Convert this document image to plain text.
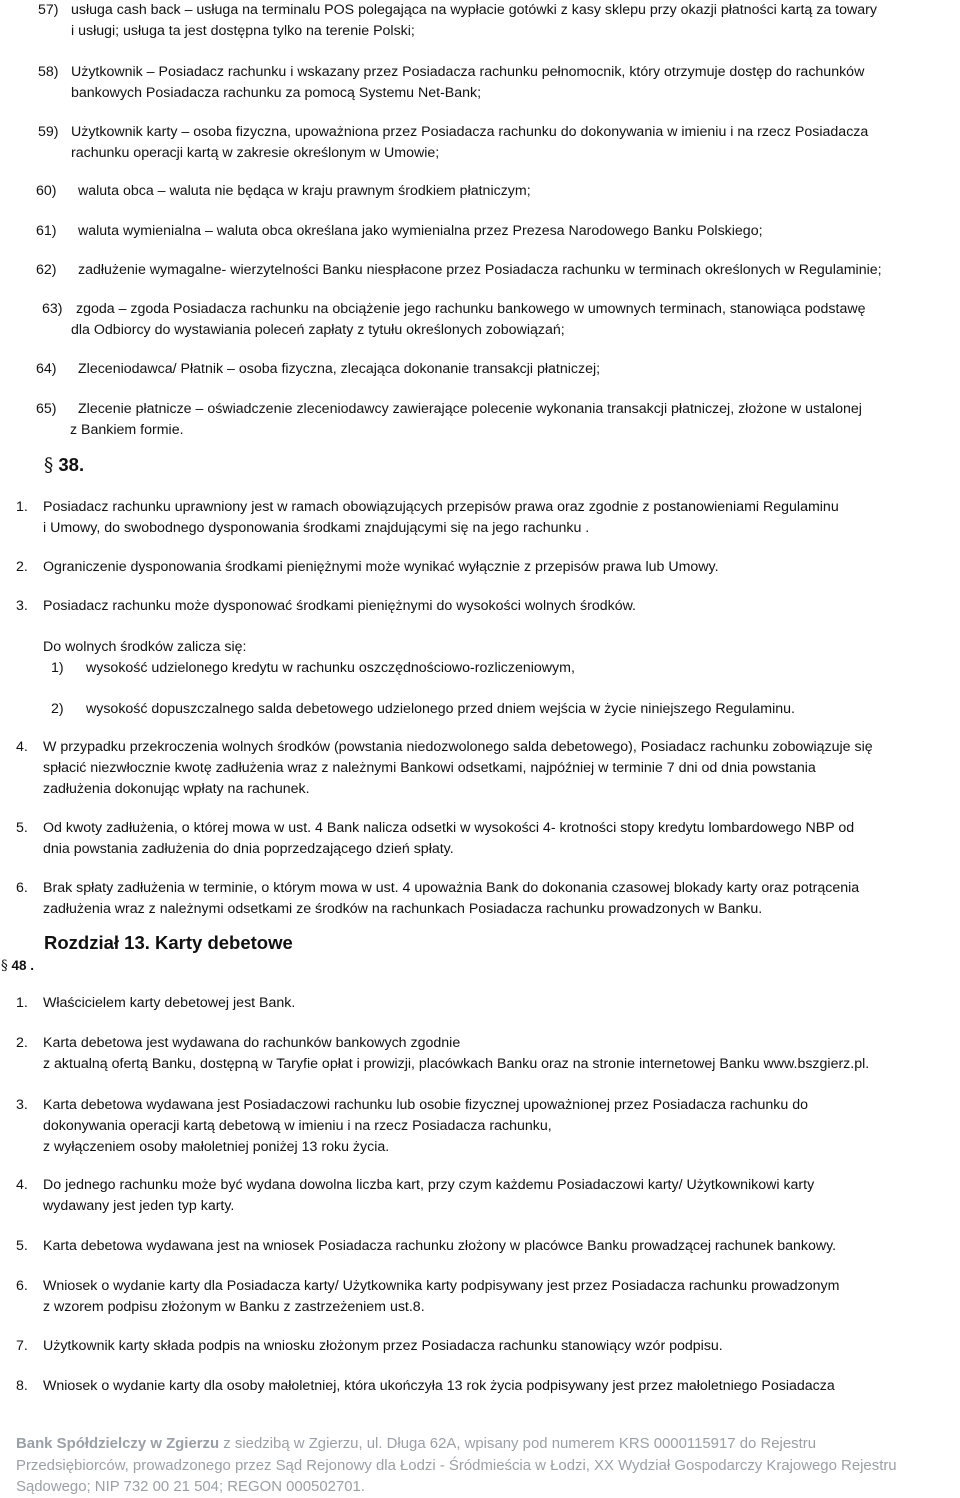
57) usługa cash back – usługa na terminalu POS polegająca na wypłacie gotówki z kasy sklepu przy okazji płatności kartą za towary
i usługi; usługa ta jest dostępna tylko na terenie Polski;
58) Użytkownik – Posiadacz rachunku i wskazany przez Posiadacza rachunku pełnomocnik, który otrzymuje dostęp do rachunków
bankowych Posiadacza rachunku za pomocą Systemu Net-Bank;
59) Użytkownik karty – osoba fizyczna, upoważniona przez Posiadacza rachunku do dokonywania w imieniu i na rzecz Posiadacza
rachunku operacji kartą w zakresie określonym w Umowie;
60) waluta obca – waluta nie będąca w kraju prawnym środkiem płatniczym;
61) waluta wymienialna – waluta obca określana jako wymienialna przez Prezesa Narodowego Banku Polskiego;
62) zadłużenie wymagalne- wierzytelności Banku niespłacone przez Posiadacza rachunku w terminach określonych w Regulaminie;
63) zgoda – zgoda Posiadacza rachunku na obciążenie jego rachunku bankowego w umownych terminach, stanowiąca podstawę
dla Odbiorcy do wystawiania poleceń zapłaty z tytułu określonych zobowiązań;
64) Zleceniodawca/ Płatnik – osoba fizyczna, zlecająca dokonanie transakcji płatniczej;
65) Zlecenie płatnicze – oświadczenie zleceniodawcy zawierające polecenie wykonania transakcji płatniczej, złożone w ustalonej
z Bankiem formie.
§ 38.
1. Posiadacz rachunku uprawniony jest w ramach obowiązujących przepisów prawa oraz zgodnie z postanowieniami Regulaminu
i Umowy, do swobodnego dysponowania środkami znajdującymi się na jego rachunku .
2. Ograniczenie dysponowania środkami pieniężnymi może wynikać wyłącznie z przepisów prawa lub Umowy.
3. Posiadacz rachunku może dysponować środkami pieniężnymi do wysokości wolnych środków.
Do wolnych środków zalicza się:
1) wysokość udzielonego kredytu w rachunku oszczędnościowo-rozliczeniowym,
2) wysokość dopuszczalnego salda debetowego udzielonego przed dniem wejścia w życie niniejszego Regulaminu.
4. W przypadku przekroczenia wolnych środków (powstania niedozwolonego salda debetowego), Posiadacz rachunku zobowiązuje się
spłacić niezwłocznie kwotę zadłużenia wraz z należnymi Bankowi odsetkami, najpóźniej w terminie 7 dni od dnia powstania
zadłużenia dokonując wpłaty na rachunek.
5. Od kwoty zadłużenia, o której mowa w ust. 4 Bank nalicza odsetki w wysokości 4- krotności stopy kredytu lombardowego NBP od
dnia powstania zadłużenia do dnia poprzedzającego dzień spłaty.
6. Brak spłaty zadłużenia w terminie, o którym mowa w ust. 4 upoważnia Bank do dokonania czasowej blokady karty oraz potrącenia
zadłużenia wraz z należnymi odsetkami ze środków na rachunkach Posiadacza rachunku prowadzonych w Banku.
Rozdział 13. Karty debetowe
§ 48 .
1. Właścicielem karty debetowej jest Bank.
2. Karta debetowa jest wydawana do rachunków bankowych zgodnie
z aktualną ofertą Banku, dostępną w Taryfie opłat i prowizji, placówkach Banku oraz na stronie internetowej Banku www.bszgierz.pl.
3. Karta debetowa wydawana jest Posiadaczowi rachunku lub osobie fizycznej upoważnionej przez Posiadacza rachunku do
dokonywania operacji kartą debetową w imieniu i na rzecz Posiadacza rachunku,
z wyłączeniem osoby małoletniej poniżej 13 roku życia.
4. Do jednego rachunku może być wydana dowolna liczba kart, przy czym każdemu Posiadaczowi karty/ Użytkownikowi karty
wydawany jest jeden typ karty.
5. Karta debetowa wydawana jest na wniosek Posiadacza rachunku złożony w placówce Banku prowadzącej rachunek bankowy.
6. Wniosek o wydanie karty dla Posiadacza karty/ Użytkownika karty podpisywany jest przez Posiadacza rachunku prowadzonym
z wzorem podpisu złożonym w Banku z zastrzeżeniem ust.8.
7. Użytkownik karty składa podpis na wniosku złożonym przez Posiadacza rachunku stanowiący wzór podpisu.
8. Wniosek o wydanie karty dla osoby małoletniej, która ukończyła 13 rok życia podpisywany jest przez małoletniego Posiadacza
Bank Spółdzielczy w Zgierzu z siedzibą w Zgierzu, ul. Długa 62A, wpisany pod numerem KRS 0000115917 do Rejestru
Przedsiębiorców, prowadzonego przez Sąd Rejonowy dla Łodzi - Śródmieścia w Łodzi, XX Wydział Gospodarczy Krajowego Rejestru
Sądowego; NIP 732 00 21 504; REGON 000502701.
